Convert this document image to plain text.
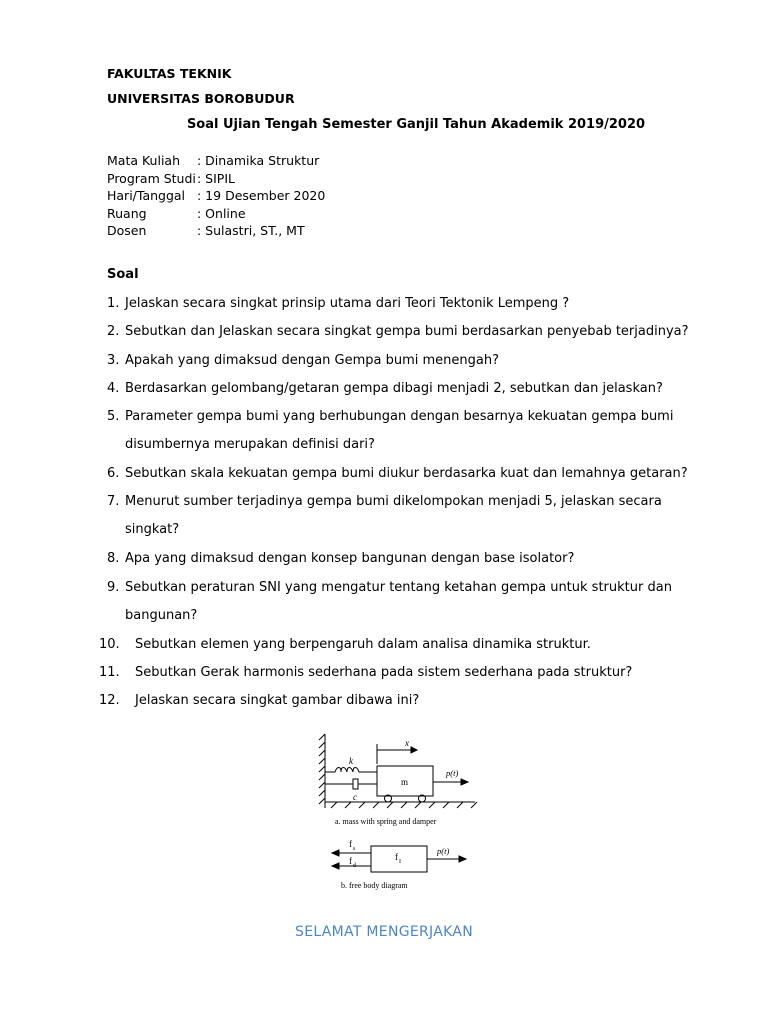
FAKULTAS TEKNIK
UNIVERSITAS BOROBUDUR
Soal Ujian Tengah Semester Ganjil Tahun Akademik 2019/2020
Mata Kuliah	: Dinamika Struktur
Program Studi : SIPIL
Hari/Tanggal : 19 Desember 2020
Ruang	: Online
Dosen	: Sulastri, ST., MT
Soal
1. Jelaskan secara singkat prinsip utama dari Teori Tektonik Lempeng ?
2. Sebutkan dan Jelaskan secara singkat gempa bumi berdasarkan penyebab terjadinya?
3. Apakah yang dimaksud dengan Gempa bumi menengah?
4. Berdasarkan gelombang/getaran gempa dibagi menjadi 2, sebutkan dan jelaskan?
5. Parameter gempa bumi yang berhubungan dengan besarnya kekuatan gempa bumi
disumbernya merupakan definisi dari?
6. Sebutkan skala kekuatan gempa bumi diukur berdasarka kuat dan lemahnya getaran?
7. Menurut sumber terjadinya gempa bumi dikelompokan menjadi 5, jelaskan secara
singkat?
8. Apa yang dimaksud dengan konsep bangunan dengan base isolator?
9. Sebutkan peraturan SNI yang mengatur tentang ketahan gempa untuk struktur dan
bangunan?
10. Sebutkan elemen yang berpengaruh dalam analisa dinamika struktur.
11. Sebutkan Gerak harmonis sederhana pada sistem sederhana pada struktur?
12. Jelaskan secara singkat gambar dibawa ini?
k
c
m
x
p(t)
a. mass with spring and damper
f s
f d
f I
p(t)
b. free body diagram
SELAMAT MENGERJAKAN
